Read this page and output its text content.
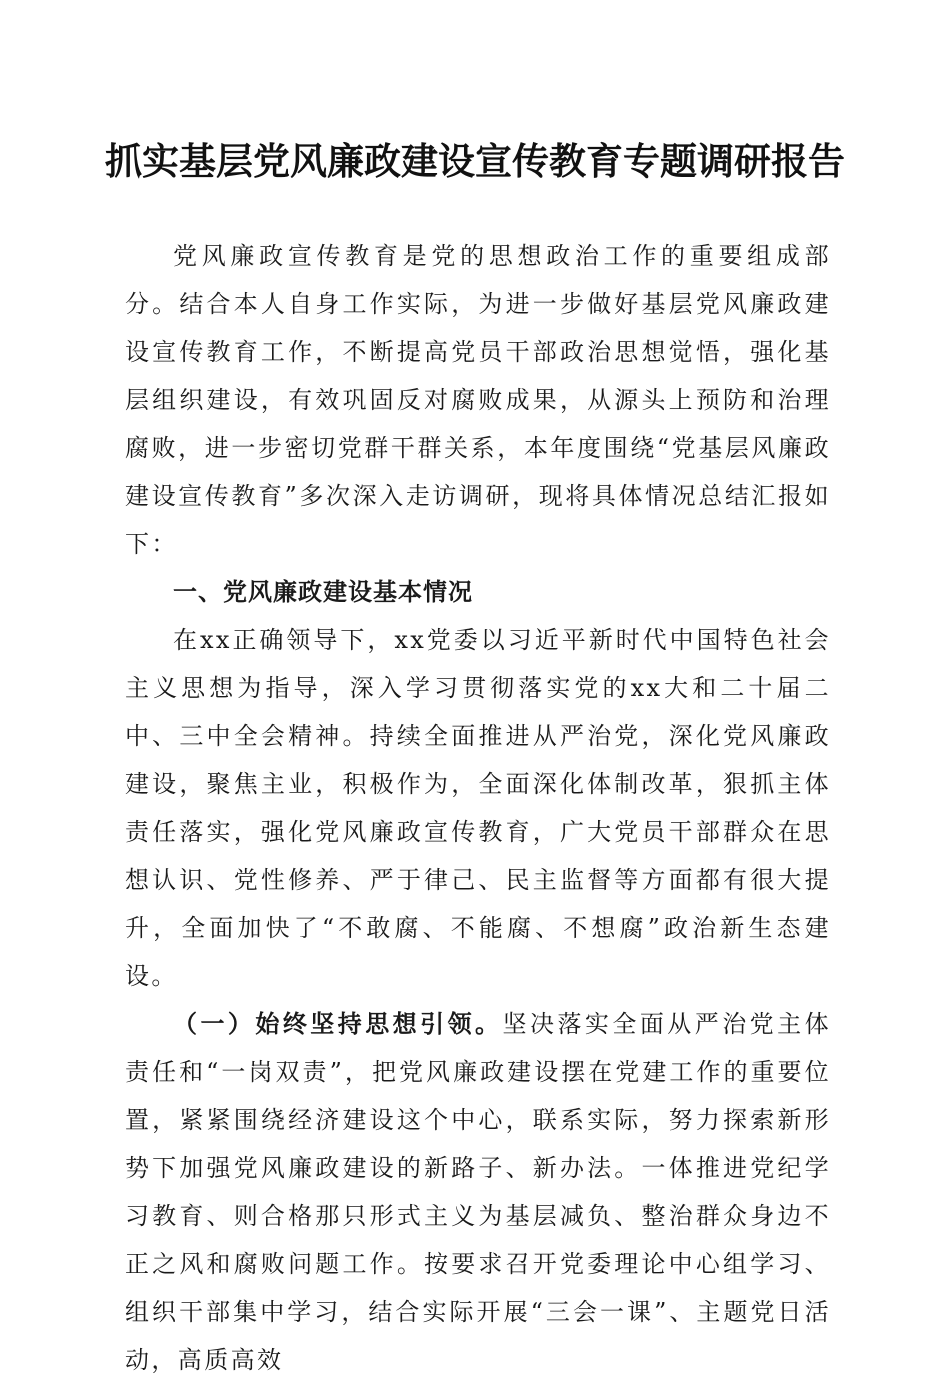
抓实基层党风廉政建设宣传教育专题调研报告

党风廉政宣传教育是党的思想政治工作的重要组成部分。结合本人自身工作实际，为进一步做好基层党风廉政建设宣传教育工作，不断提高党员干部政治思想觉悟，强化基层组织建设，有效巩固反对腐败成果，从源头上预防和治理腐败，进一步密切党群干群关系，本年度围绕“党基层风廉政建设宣传教育”多次深入走访调研，现将具体情况总结汇报如下：

一、党风廉政建设基本情况

在xx正确领导下，xx党委以习近平新时代中国特色社会主义思想为指导，深入学习贯彻落实党的xx大和二十届二中、三中全会精神。持续全面推进从严治党，深化党风廉政建设，聚焦主业，积极作为，全面深化体制改革，狠抓主体责任落实，强化党风廉政宣传教育，广大党员干部群众在思想认识、党性修养、严于律己、民主监督等方面都有很大提升，全面加快了“不敢腐、不能腐、不想腐”政治新生态建设。

（一）始终坚持思想引领。坚决落实全面从严治党主体责任和“一岗双责”，把党风廉政建设摆在党建工作的重要位置，紧紧围绕经济建设这个中心，联系实际，努力探索新形势下加强党风廉政建设的新路子、新办法。一体推进党纪学习教育、则合格那只形式主义为基层减负、整治群众身边不正之风和腐败问题工作。按要求召开党委理论中心组学习、组织干部集中学习，结合实际开展“三会一课”、主题党日活动，高质高效
